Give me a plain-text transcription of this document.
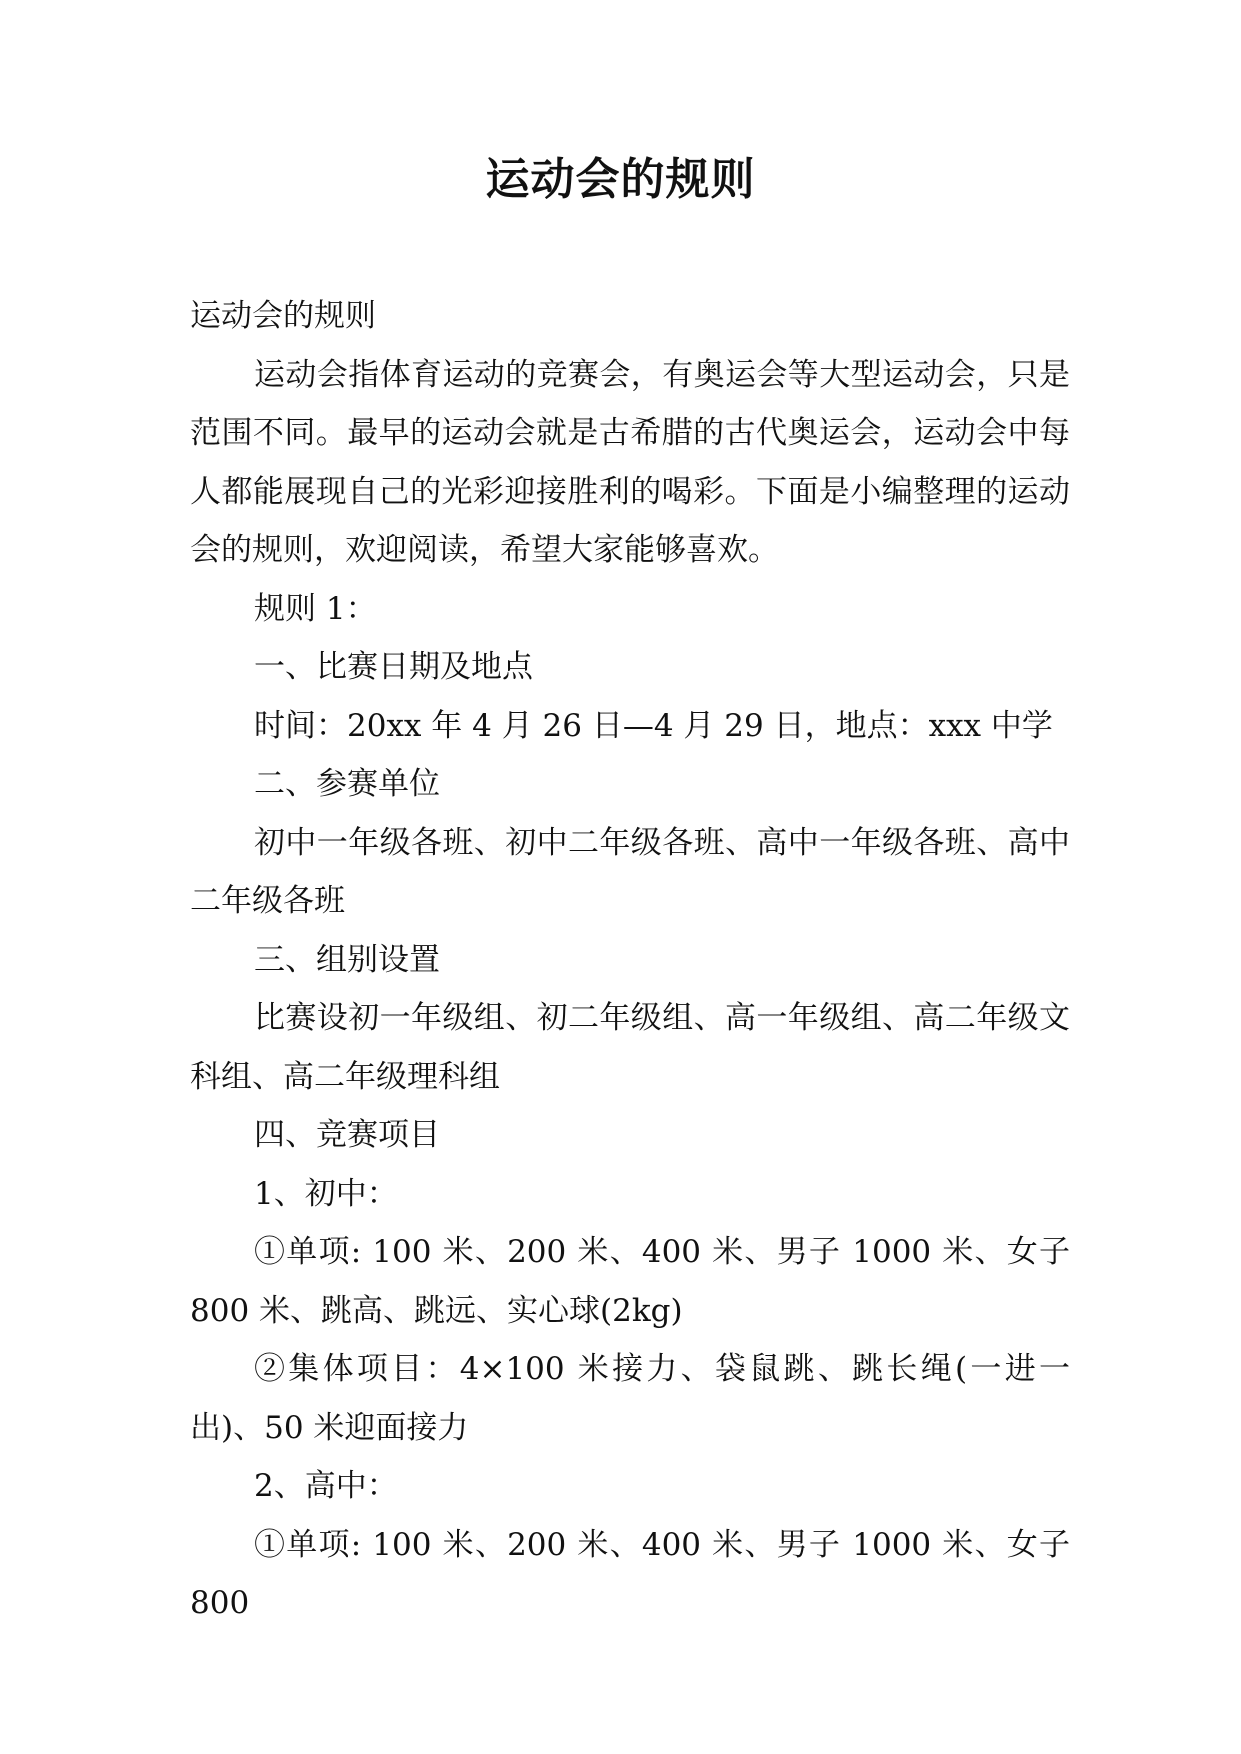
运动会的规则

运动会的规则

运动会指体育运动的竞赛会，有奥运会等大型运动会，只是范围不同。最早的运动会就是古希腊的古代奥运会，运动会中每人都能展现自己的光彩迎接胜利的喝彩。下面是小编整理的运动会的规则，欢迎阅读，希望大家能够喜欢。

规则 1：

一、比赛日期及地点

时间：20xx 年 4 月 26 日—4 月 29 日，地点：xxx 中学

二、参赛单位

初中一年级各班、初中二年级各班、高中一年级各班、高中二年级各班

三、组别设置

比赛设初一年级组、初二年级组、高一年级组、高二年级文科组、高二年级理科组

四、竞赛项目

1、初中：

①单项: 100 米、200 米、400 米、男子 1000 米、女子 800 米、跳高、跳远、实心球(2kg)

②集体项目：4×100 米接力、袋鼠跳、跳长绳(一进一出)、50 米迎面接力

2、高中：

①单项: 100 米、200 米、400 米、男子 1000 米、女子 800
